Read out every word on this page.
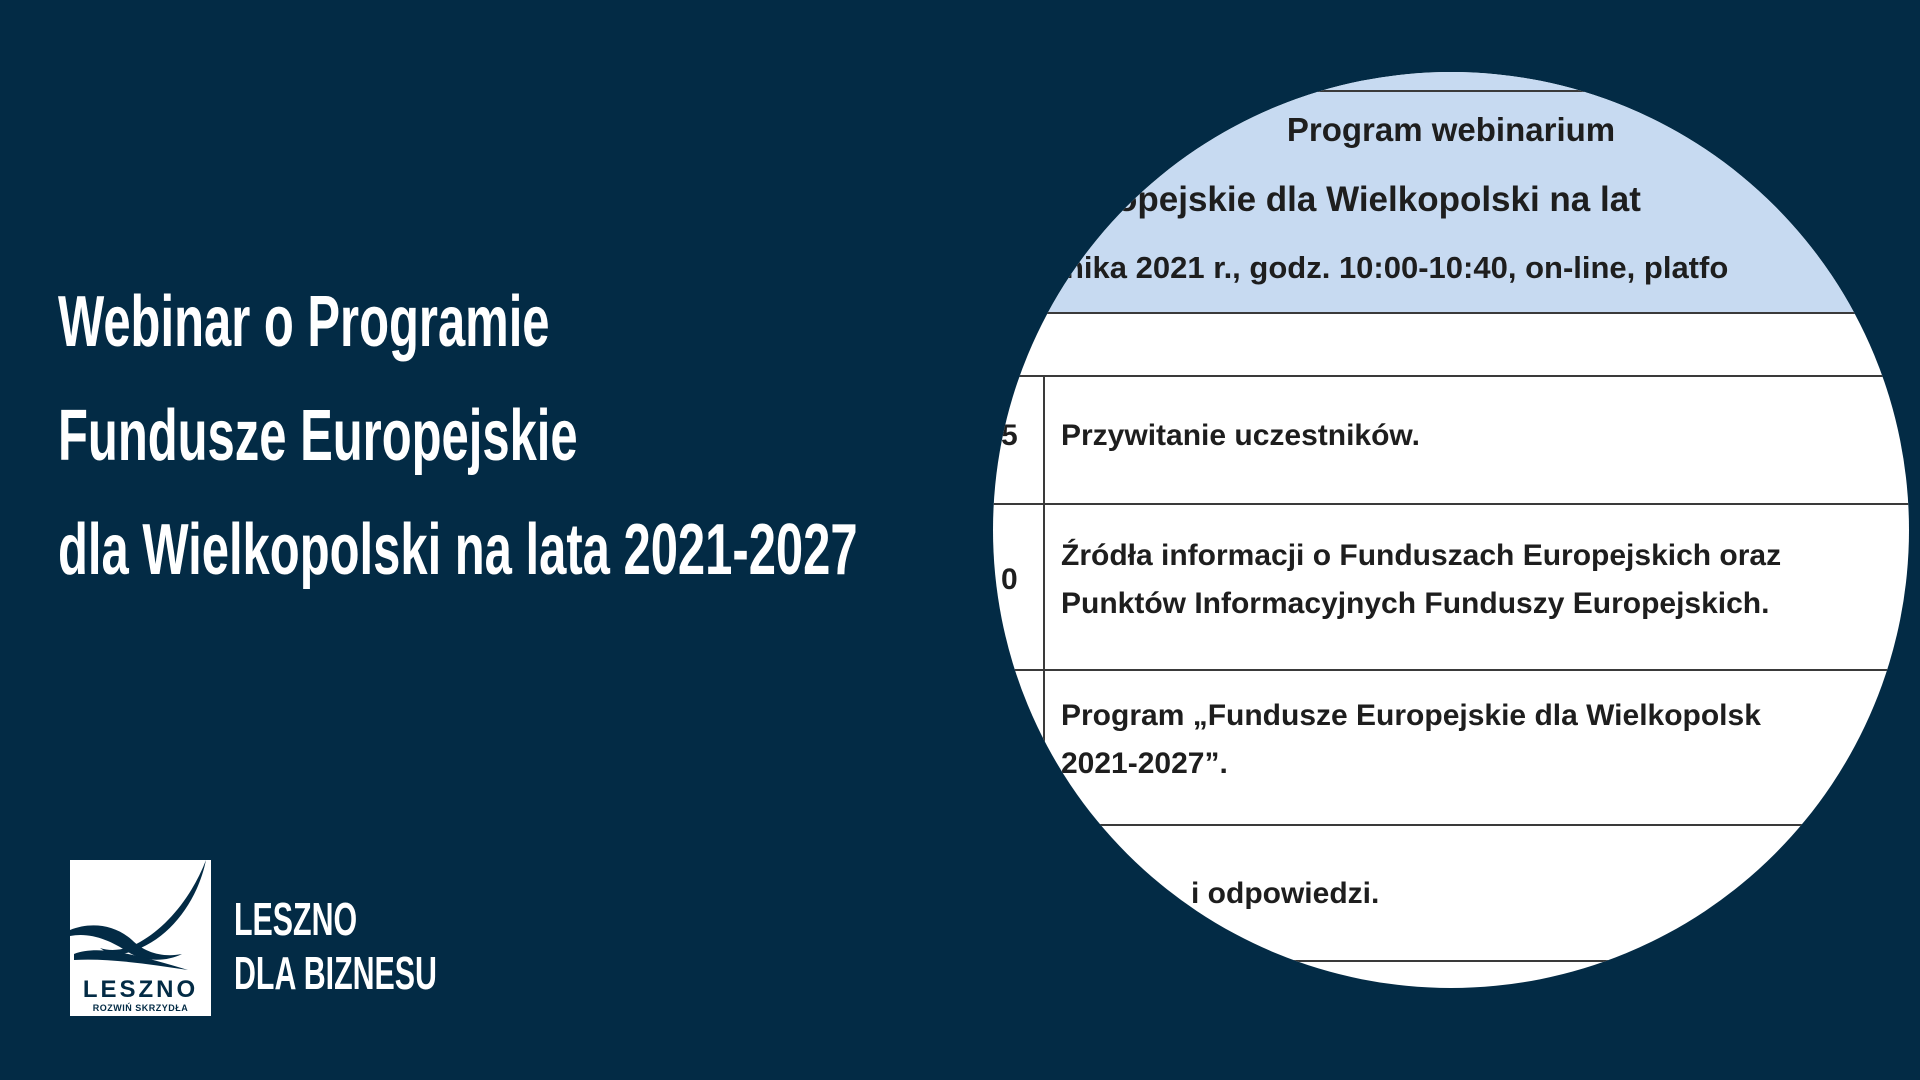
Webinar o Programie
Fundusze Europejskie
dla Wielkopolski na lata 2021-2027
LESZNO
ROZWIŃ SKRZYDŁA
LESZNO
DLA BIZNESU
Program webinarium
uropejskie dla Wielkopolski na lat
nika 2021 r., godz. 10:00-10:40, on-line, platfo
5 Przywitanie uczestników.
0
Źródła informacji o Funduszach Europejskich oraz
Punktów Informacyjnych Funduszy Europejskich.
Program „Fundusze Europejskie dla Wielkopolsk
2021-2027”.
i odpowiedzi.
